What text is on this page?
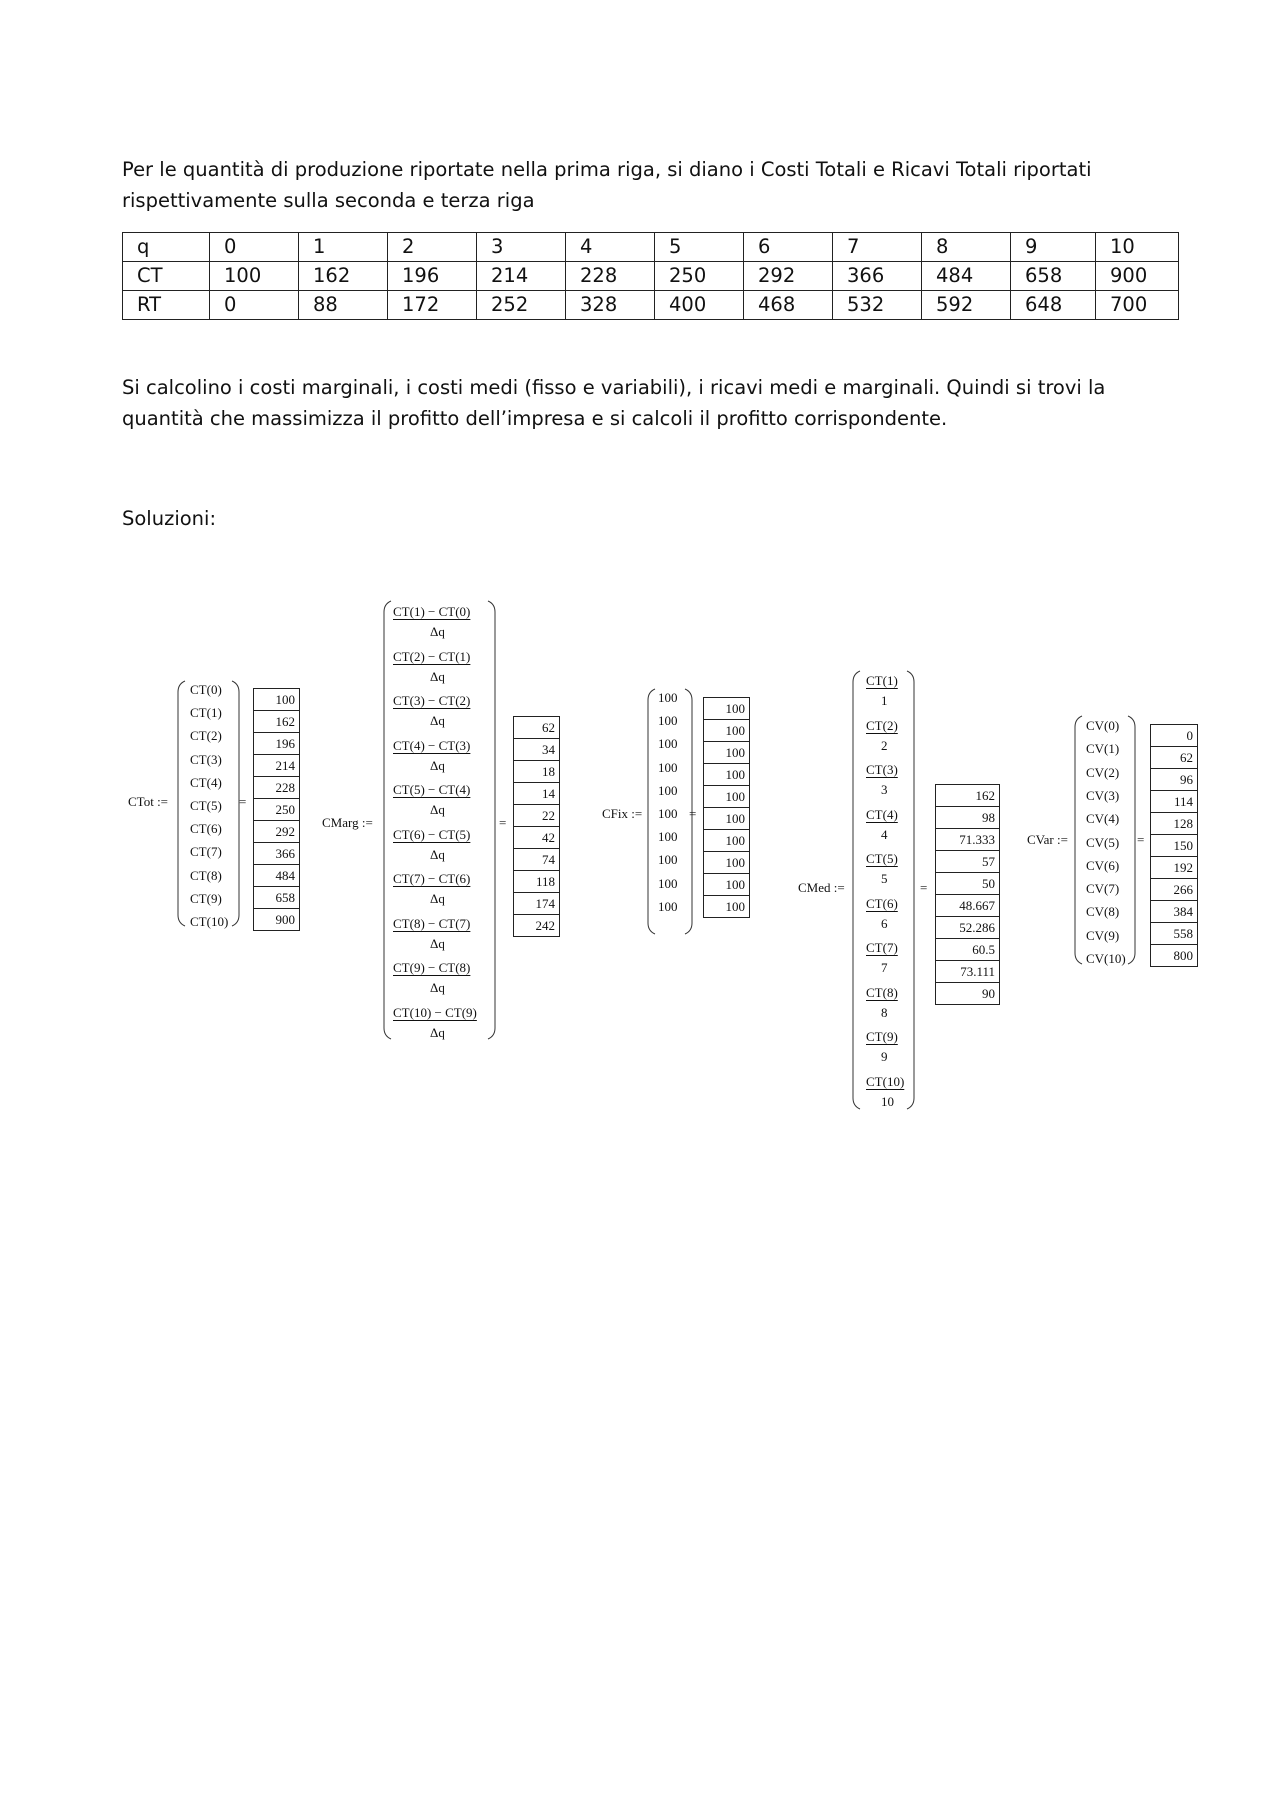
Per le quantità di produzione riportate nella prima riga, si diano i Costi Totali e Ricavi Totali riportati rispettivamente sulla seconda e terza riga

q	0	1	2	3	4	5	6	7	8	9	10
CT	100	162	196	214	228	250	292	366	484	658	900
RT	0	88	172	252	328	400	468	532	592	648	700

Si calcolino i costi marginali, i costi medi (fisso e variabili), i ricavi medi e marginali. Quindi si trovi la quantità che massimizza il profitto dell’impresa e si calcoli il profitto corrispondente.

Soluzioni:

CTot :=
CT(0)
CT(1)
CT(2)
CT(3)
CT(4)
CT(5)
CT(6)
CT(7)
CT(8)
CT(9)
CT(10)
=
100
162
196
214
228
250
292
366
484
658
900
CMarg :=
CT(1) − CT(0)
Δq
CT(2) − CT(1)
Δq
CT(3) − CT(2)
Δq
CT(4) − CT(3)
Δq
CT(5) − CT(4)
Δq
CT(6) − CT(5)
Δq
CT(7) − CT(6)
Δq
CT(8) − CT(7)
Δq
CT(9) − CT(8)
Δq
CT(10) − CT(9)
Δq
=
62
34
18
14
22
42
74
118
174
242
CFix :=
100
100
100
100
100
100
100
100
100
100
=
100
100
100
100
100
100
100
100
100
100
CMed :=
CT(1)
1
CT(2)
2
CT(3)
3
CT(4)
4
CT(5)
5
CT(6)
6
CT(7)
7
CT(8)
8
CT(9)
9
CT(10)
10
=
162
98
71.333
57
50
48.667
52.286
60.5
73.111
90
CVar :=
CV(0)
CV(1)
CV(2)
CV(3)
CV(4)
CV(5)
CV(6)
CV(7)
CV(8)
CV(9)
CV(10)
=
0
62
96
114
128
150
192
266
384
558
800
